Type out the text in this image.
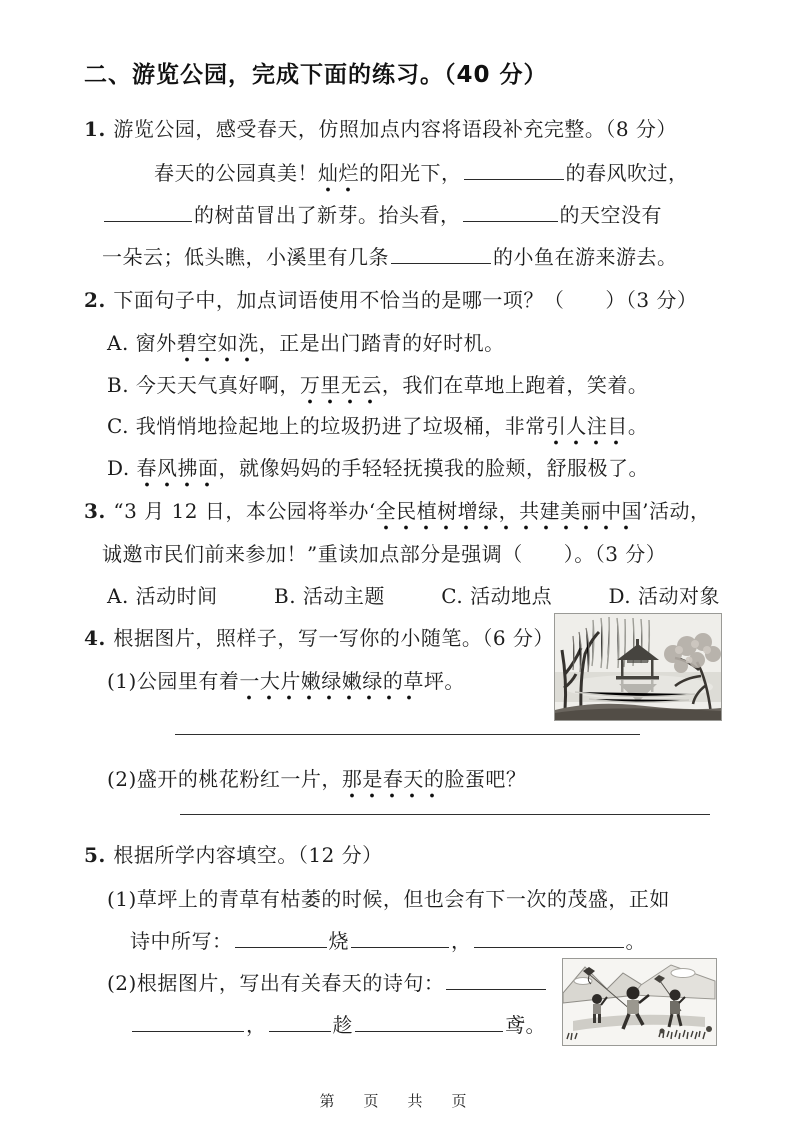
二、游览公园，完成下面的练习。（40 分）
1. 游览公园，感受春天，仿照加点内容将语段补充完整。（8 分）
春天的公园真美！灿烂的阳光下，	的春风吹过，
的树苗冒出了新芽。抬头看，	的天空没有
一朵云；低头瞧，小溪里有几条	的小鱼在游来游去。
2. 下面句子中，加点词语使用不恰当的是哪一项？（　　）（3 分）
A. 窗外碧空如洗，正是出门踏青的好时机。
B. 今天天气真好啊，万里无云，我们在草地上跑着，笑着。
C. 我悄悄地捡起地上的垃圾扔进了垃圾桶，非常引人注目。
D. 春风拂面，就像妈妈的手轻轻抚摸我的脸颊，舒服极了。
3. “3 月 12 日，本公园将举办‘全民植树增绿，共建美丽中国’活动，
诚邀市民们前来参加！”重读加点部分是强调（　　）。（3 分）
A. 活动时间	B. 活动主题	C. 活动地点	D. 活动对象
4. 根据图片，照样子，写一写你的小随笔。（6 分）
(1)公园里有着一大片嫩绿嫩绿的草坪。
(2)盛开的桃花粉红一片，那是春天的脸蛋吧？
5. 根据所学内容填空。（12 分）
(1)草坪上的青草有枯萎的时候，但也会有下一次的茂盛，正如
诗中所写：	烧	，	。
(2)根据图片，写出有关春天的诗句：
，	趁	鸢。
第　页　共　页
